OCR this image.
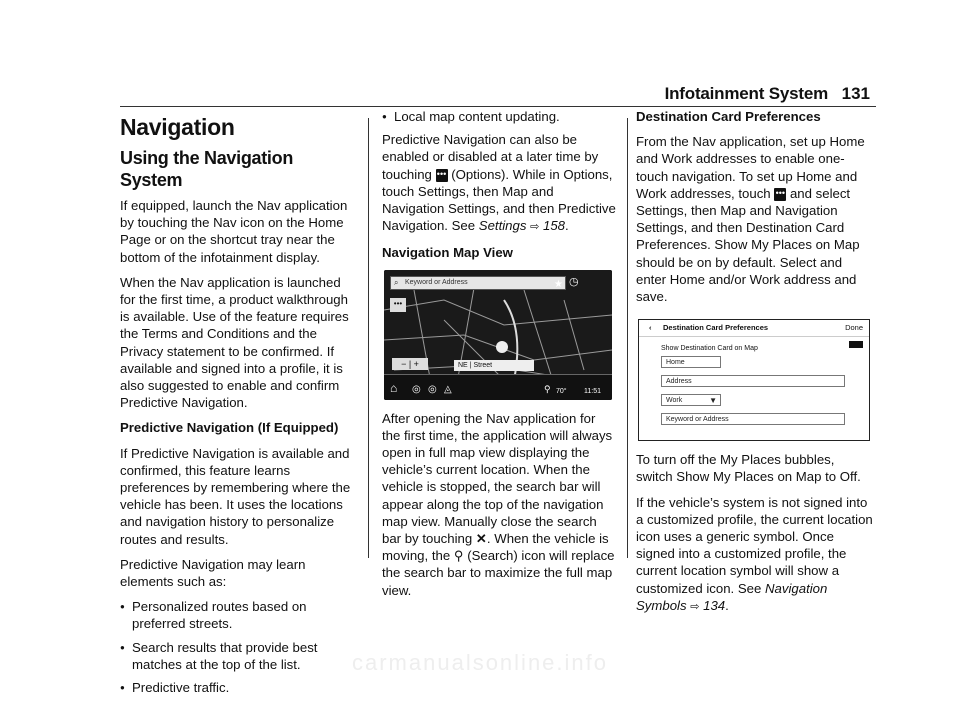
Infotainment System 131
Navigation
Using the Navigation System

If equipped, launch the Nav application by touching the Nav icon on the Home Page or on the shortcut tray near the bottom of the infotainment display.

When the Nav application is launched for the first time, a product walkthrough is available. Use of the feature requires the Terms and Conditions and the Privacy statement to be confirmed. If available and signed into a profile, it is also suggested to enable and confirm Predictive Navigation.

Predictive Navigation (If Equipped)

If Predictive Navigation is available and confirmed, this feature learns preferences by remembering where the vehicle has been. It uses the locations and navigation history to personalize routes and results.

Predictive Navigation may learn elements such as:

● Personalized routes based on preferred streets.
● Search results that provide best matches at the top of the list.
● Predictive traffic.
● Local map content updating.

Predictive Navigation can also be enabled or disabled at a later time by touching ••• (Options). While in Options, touch Settings, then Map and Navigation Settings, and then Predictive Navigation. See Settings ⇨ 158.

Navigation Map View

⌕ Keyword or Address	★ ◷
•••
− | +	NE | Street
⌂ ◎ ◎ ◬	⚲ 70° 11:51

After opening the Nav application for the first time, the application will always open in full map view displaying the vehicle’s current location. When the vehicle is stopped, the search bar will appear along the top of the navigation map view. Manually close the search bar by touching ✕. When the vehicle is moving, the ⚲ (Search) icon will replace the search bar to maximize the full map view.

Destination Card Preferences

From the Nav application, set up Home and Work addresses to enable one-touch navigation. To set up Home and Work addresses, touch ••• and select Settings, then Map and Navigation Settings, and then Destination Card Preferences. Show My Places on Map should be on by default. Select and enter Home and/or Work address and save.

‹ Destination Card Preferences	Done
Show Destination Card on Map
Home
Address
Work	▼
Keyword or Address

To turn off the My Places bubbles, switch Show My Places on Map to Off.

If the vehicle’s system is not signed into a customized profile, the current location icon uses a generic symbol. Once signed into a customized profile, the current location symbol will show a customized icon. See Navigation Symbols ⇨ 134.

carmanualsonline.info
